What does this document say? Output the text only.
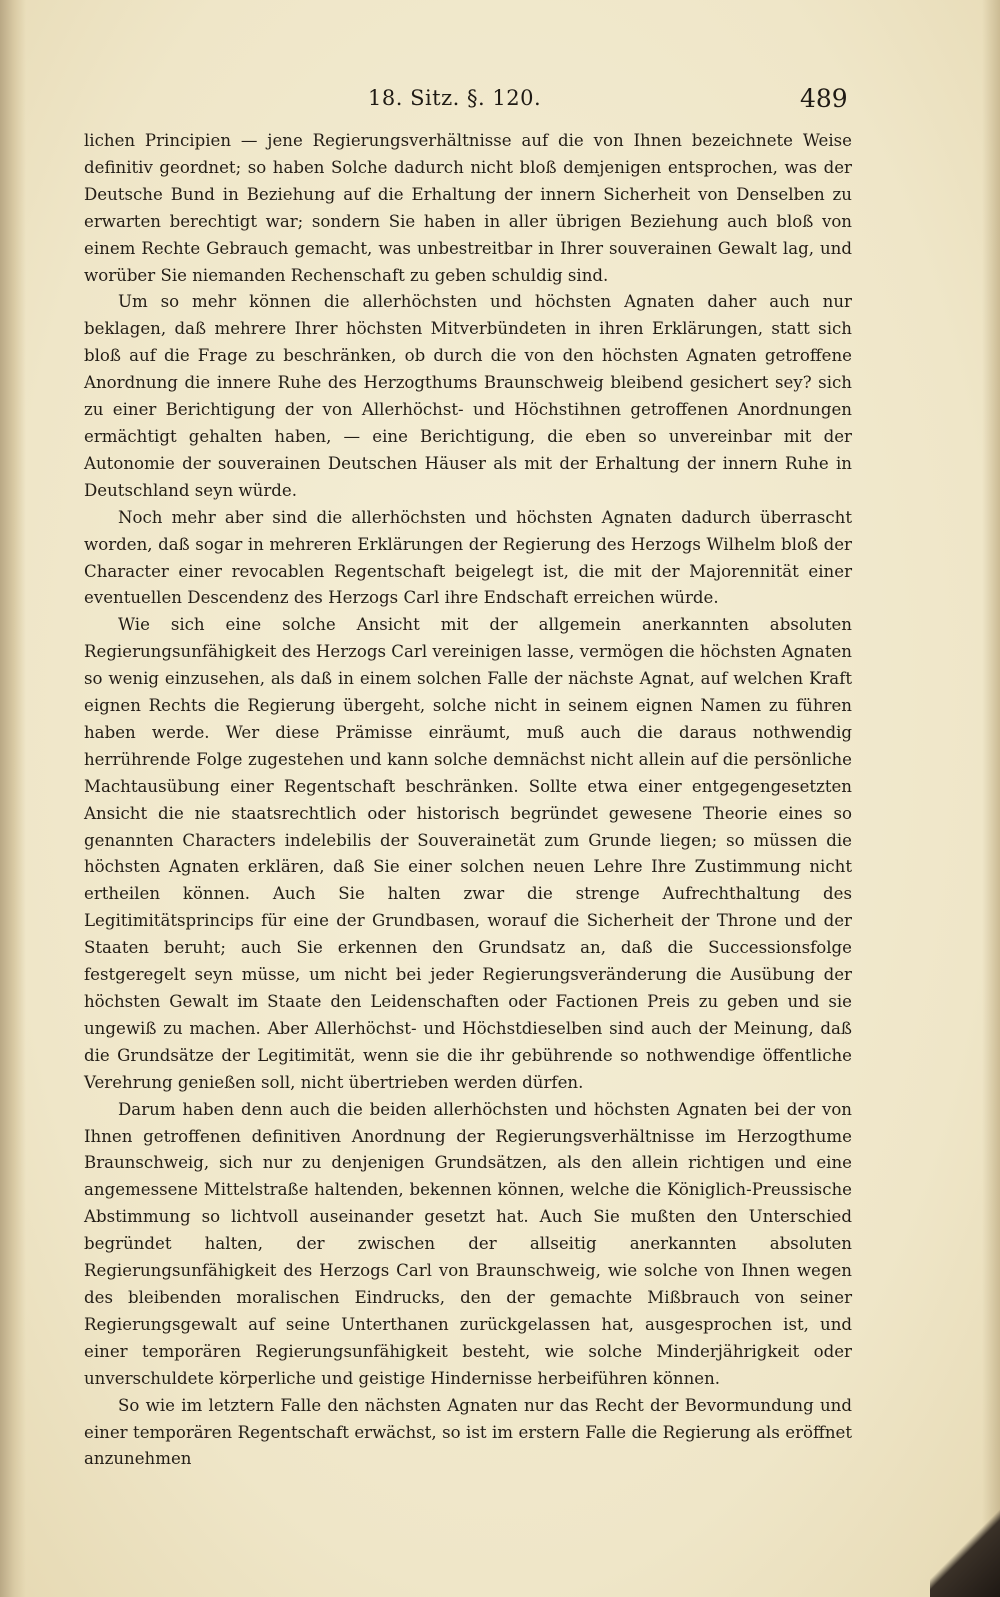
18. Sitz. §. 120.	489

lichen Principien — jene Regierungsverhältnisse auf die von Ihnen bezeichnete Weise definitiv geordnet; so haben Solche dadurch nicht bloß demjenigen entsprochen, was der Deutsche Bund in Beziehung auf die Erhaltung der innern Sicherheit von Denselben zu erwarten berechtigt war; sondern Sie haben in aller übrigen Beziehung auch bloß von einem Rechte Gebrauch gemacht, was unbestreitbar in Ihrer souverainen Gewalt lag, und worüber Sie niemanden Rechenschaft zu geben schuldig sind.

Um so mehr können die allerhöchsten und höchsten Agnaten daher auch nur beklagen, daß mehrere Ihrer höchsten Mitverbündeten in ihren Erklärungen, statt sich bloß auf die Frage zu beschränken, ob durch die von den höchsten Agnaten getroffene Anordnung die innere Ruhe des Herzogthums Braunschweig bleibend gesichert sey? sich zu einer Berichtigung der von Allerhöchst- und Höchstihnen getroffenen Anordnungen ermächtigt gehalten haben, — eine Berichtigung, die eben so unvereinbar mit der Autonomie der souverainen Deutschen Häuser als mit der Erhaltung der innern Ruhe in Deutschland seyn würde.

Noch mehr aber sind die allerhöchsten und höchsten Agnaten dadurch überrascht worden, daß sogar in mehreren Erklärungen der Regierung des Herzogs Wilhelm bloß der Character einer revocablen Regentschaft beigelegt ist, die mit der Majorennität einer eventuellen Descendenz des Herzogs Carl ihre Endschaft erreichen würde.

Wie sich eine solche Ansicht mit der allgemein anerkannten absoluten Regierungsunfähigkeit des Herzogs Carl vereinigen lasse, vermögen die höchsten Agnaten so wenig einzusehen, als daß in einem solchen Falle der nächste Agnat, auf welchen Kraft eignen Rechts die Regierung übergeht, solche nicht in seinem eignen Namen zu führen haben werde. Wer diese Prämisse einräumt, muß auch die daraus nothwendig herrührende Folge zugestehen und kann solche demnächst nicht allein auf die persönliche Machtausübung einer Regentschaft beschränken. Sollte etwa einer entgegengesetzten Ansicht die nie staatsrechtlich oder historisch begründet gewesene Theorie eines so genannten Characters indelebilis der Souverainetät zum Grunde liegen; so müssen die höchsten Agnaten erklären, daß Sie einer solchen neuen Lehre Ihre Zustimmung nicht ertheilen können. Auch Sie halten zwar die strenge Aufrechthaltung des Legitimitätsprincips für eine der Grundbasen, worauf die Sicherheit der Throne und der Staaten beruht; auch Sie erkennen den Grundsatz an, daß die Successionsfolge festgeregelt seyn müsse, um nicht bei jeder Regierungsveränderung die Ausübung der höchsten Gewalt im Staate den Leidenschaften oder Factionen Preis zu geben und sie ungewiß zu machen. Aber Allerhöchst- und Höchstdieselben sind auch der Meinung, daß die Grundsätze der Legitimität, wenn sie die ihr gebührende so nothwendige öffentliche Verehrung genießen soll, nicht übertrieben werden dürfen.

Darum haben denn auch die beiden allerhöchsten und höchsten Agnaten bei der von Ihnen getroffenen definitiven Anordnung der Regierungsverhältnisse im Herzogthume Braunschweig, sich nur zu denjenigen Grundsätzen, als den allein richtigen und eine angemessene Mittelstraße haltenden, bekennen können, welche die Königlich-Preussische Abstimmung so lichtvoll auseinander gesetzt hat. Auch Sie mußten den Unterschied begründet halten, der zwischen der allseitig anerkannten absoluten Regierungsunfähigkeit des Herzogs Carl von Braunschweig, wie solche von Ihnen wegen des bleibenden moralischen Eindrucks, den der gemachte Mißbrauch von seiner Regierungsgewalt auf seine Unterthanen zurückgelassen hat, ausgesprochen ist, und einer temporären Regierungsunfähigkeit besteht, wie solche Minderjährigkeit oder unverschuldete körperliche und geistige Hindernisse herbeiführen können.

So wie im letztern Falle den nächsten Agnaten nur das Recht der Bevormundung und einer temporären Regentschaft erwächst, so ist im erstern Falle die Regierung als eröffnet anzunehmen
